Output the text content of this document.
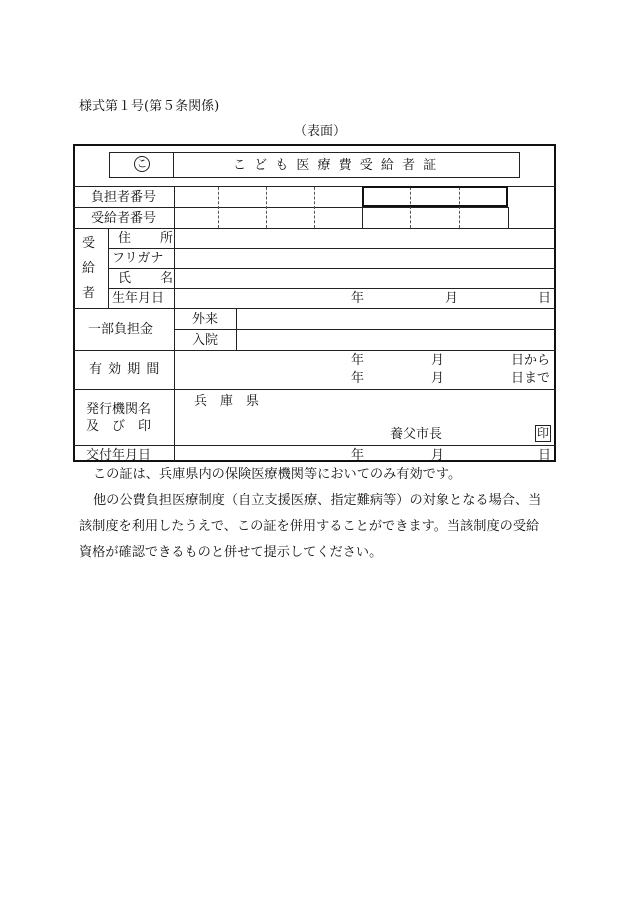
様式第１号(第５条関係)
（表面）
こ	こ ど も 医 療 費 受 給 者 証
負担者番号
受給者番号
受
給
者
住　所
フリガナ
氏　名
生年月日	年	月	日
一部負担金
外来
入院
有 効 期 間
年	月	日から
年	月	日まで
発行機関名
及　び　印
兵　庫　県
養父市長	印
交付年月日	年	月	日
この証は、兵庫県内の保険医療機関等においてのみ有効です。
他の公費負担医療制度（自立支援医療、指定難病等）の対象となる場合、当
該制度を利用したうえで、この証を併用することができます。当該制度の受給
資格が確認できるものと併せて提示してください。
